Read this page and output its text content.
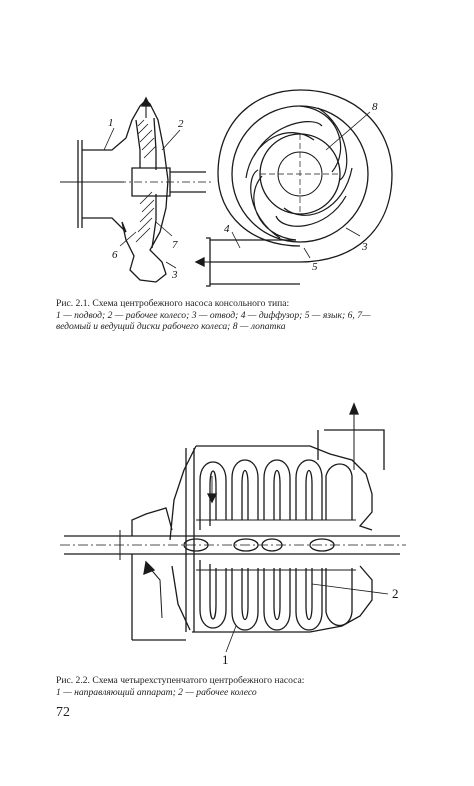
1	2
6
7
3
8
3
4
5
Рис. 2.1. Схема центробежного насоса консольного типа:
1 — подвод; 2 — рабочее колесо; 3 — отвод; 4 — диффузор; 5 — язык; 6, 7—
ведомый и ведущий диски рабочего колеса; 8 — лопатка
1
2
Рис. 2.2. Схема четырехступенчатого центробежного насоса:
1 — направляющий аппарат; 2 — рабочее колесо
72
